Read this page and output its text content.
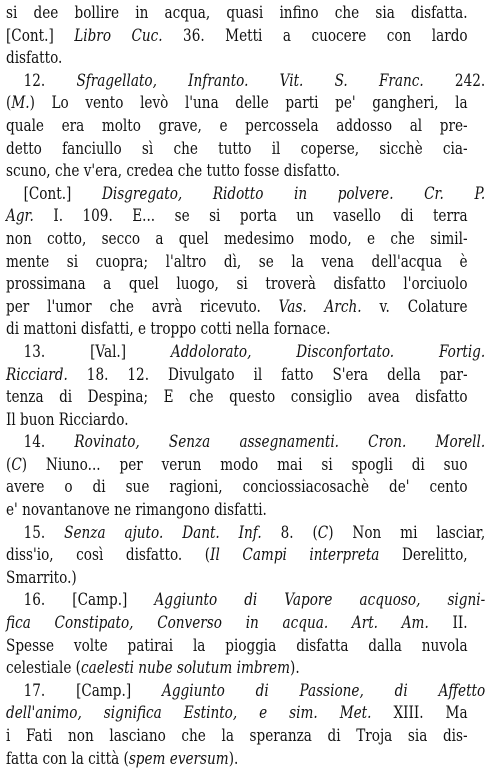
si dee bollire in acqua, quasi infino che sia disfatta.
[Cont.] Libro Cuc. 36. Metti a cuocere con lardo
disfatto.
12. Sfragellato, Infranto. Vit. S. Franc. 242.
(M.) Lo vento levò l'una delle parti pe' gangheri, la
quale era molto grave, e percossela addosso al pre-
detto fanciullo sì che tutto il coperse, sicchè cia-
scuno, che v'era, credea che tutto fosse disfatto.
[Cont.] Disgregato, Ridotto in polvere. Cr. P.
Agr. I. 109. E... se si porta un vasello di terra
non cotto, secco a quel medesimo modo, e che simil-
mente si cuopra; l'altro dì, se la vena dell'acqua è
prossimana a quel luogo, si troverà disfatto l'orciuolo
per l'umor che avrà ricevuto. Vas. Arch. v. Colature
di mattoni disfatti, e troppo cotti nella fornace.
13. [Val.] Addolorato, Disconfortato. Fortig.
Ricciard. 18. 12. Divulgato il fatto S'era della par-
tenza di Despina; E che questo consiglio avea disfatto
Il buon Ricciardo.
14. Rovinato, Senza assegnamenti. Cron. Morell.
(C) Niuno... per verun modo mai si spogli di suo
avere o di sue ragioni, conciossiacosachè de' cento
e' novantanove ne rimangono disfatti.
15. Senza ajuto. Dant. Inf. 8. (C) Non mi lasciar,
diss'io, così disfatto. (Il Campi interpreta Derelitto,
Smarrito.)
16. [Camp.] Aggiunto di Vapore acquoso, signi-
fica Constipato, Converso in acqua. Art. Am. II.
Spesse volte patirai la pioggia disfatta dalla nuvola
celestiale (caelesti nube solutum imbrem).
17. [Camp.] Aggiunto di Passione, di Affetto
dell'animo, significa Estinto, e sim. Met. XIII. Ma
i Fati non lasciano che la speranza di Troja sia dis-
fatta con la città (spem eversum).
